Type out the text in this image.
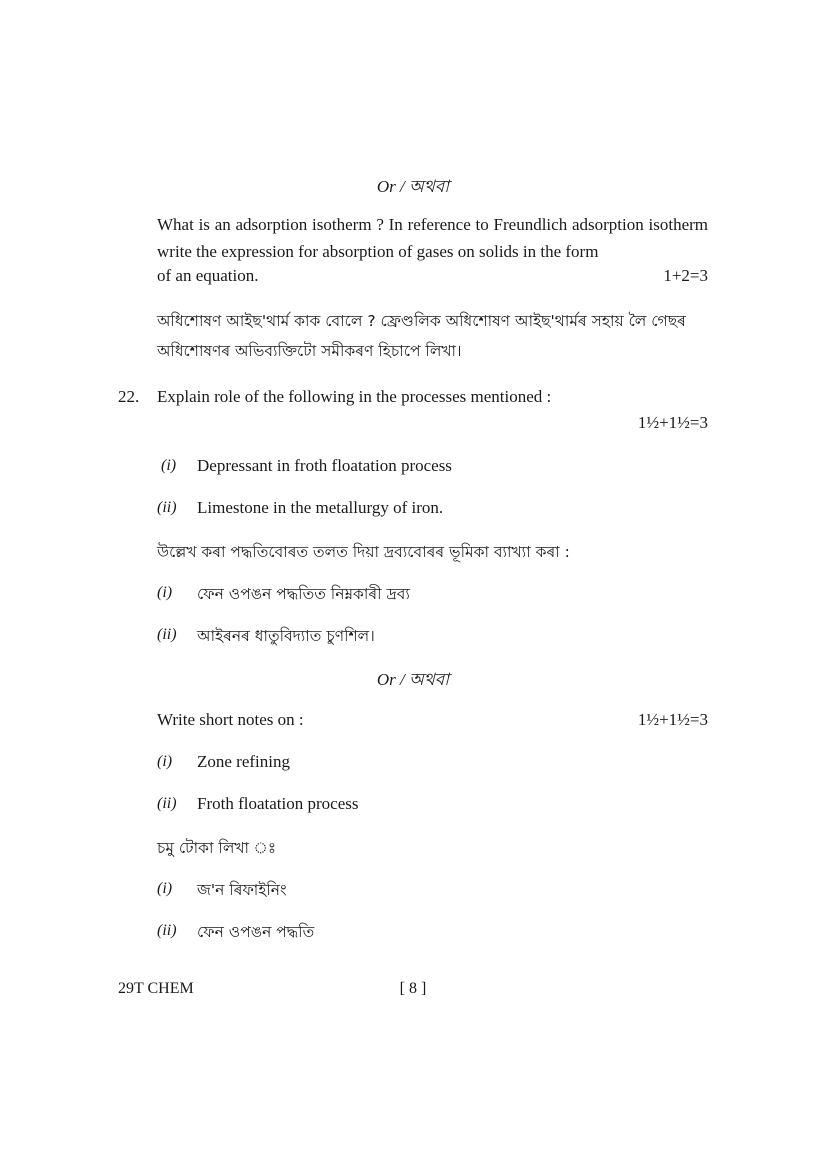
Or / অথবা
What is an adsorption isotherm ? In reference to Freundlich adsorption isotherm write the expression for absorption of gases on solids in the form
of an equation.	1+2=3
অধিশোষণ আইছ'থাৰ্ম কাক বোলে ? ফ্ৰেণ্ডলিক অধিশোষণ আইছ'থাৰ্মৰ সহায় লৈ গেছৰ অধিশোষণৰ অভিব্যক্তিটো সমীকৰণ হিচাপে লিখা।
22. Explain role of the following in the processes mentioned :
1½+1½=3
(i) Depressant in froth floatation process
(ii) Limestone in the metallurgy of iron.
উল্লেখ কৰা পদ্ধতিবোৰত তলত দিয়া দ্ৰব্যবোৰৰ ভূমিকা ব্যাখ্যা কৰা :
(i) ফেন ওপঙন পদ্ধতিত নিম্নকাৰী দ্ৰব্য
(ii) আইৰনৰ ধাতুবিদ্যাত চুণশিল।
Or / অথবা
Write short notes on :	1½+1½=3
(i) Zone refining
(ii) Froth floatation process
চমু টোকা লিখা ঃ
(i) জ'ন ৰিফাইনিং
(ii) ফেন ওপঙন পদ্ধতি
29T CHEM	[ 8 ]
